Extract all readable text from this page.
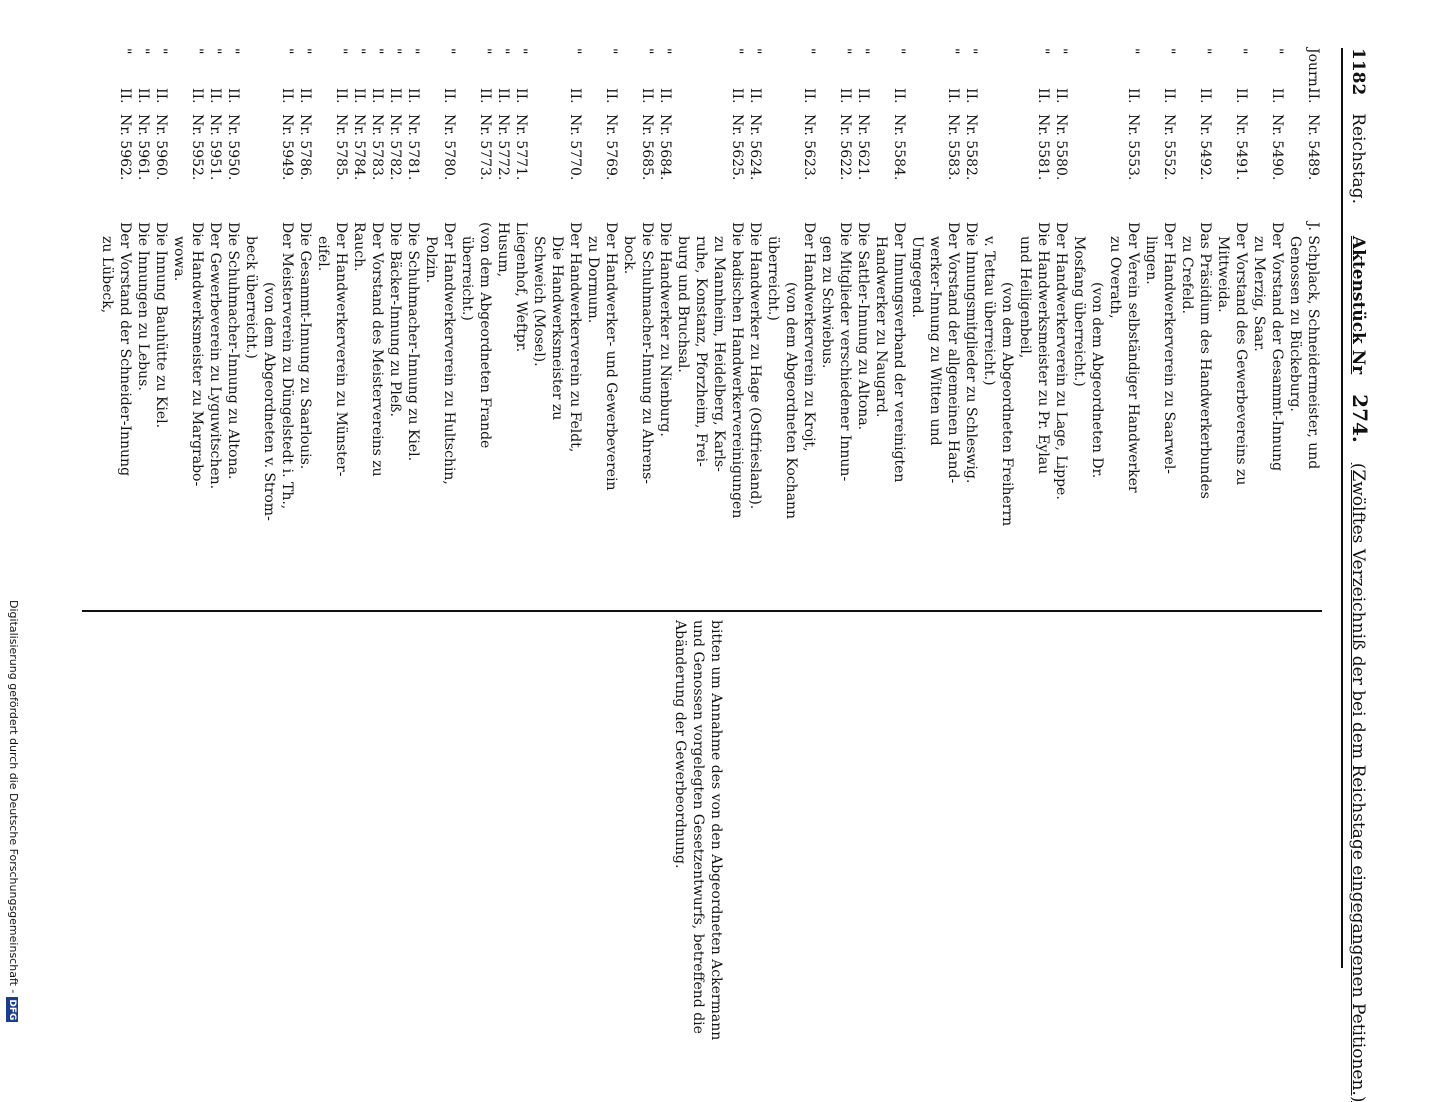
1182 Reichstag. Aktenstück Nr 274. (Zwölftes Verzeichniß der bei dem Reichstage eingegangenen Petitionen.)
Journ.
II.
Nr. 5489.
J. Schplack, Schneidermeister, und
Genossen zu Bückeburg.
"
II.
Nr. 5490.
Der Vorstand der Gesammt-Innung
zu Merzig, Saar.
"
II.
Nr. 5491.
Der Vorstand des Gewerbevereins zu
Mittweida.
"
II.
Nr. 5492.
Das Präsidium des Handwerkerbundes
zu Crefeld.
"
II.
Nr. 5552.
Der Handwerkerverein zu Saarwel-
lingen.
"
II.
Nr. 5553.
Der Verein selbständiger Handwerker
zu Overath,
(von dem Abgeordneten Dr.
Mosfang überreicht.)
"
II.
Nr. 5580.
Der Handwerkerverein zu Lage, Lippe.
"
II.
Nr. 5581.
Die Handwerksmeister zu Pr. Eylau
und Heiligenbeil,
(von dem Abgeordneten Freiherrn
v. Tettau überreicht.)
"
II.
Nr. 5582.
Die Innungsmitglieder zu Schleswig.
"
II.
Nr. 5583.
Der Vorstand der allgemeinen Hand-
werker-Innung zu Witten und
Umgegend.
"
II.
Nr. 5584.
Der Innungsverband der vereinigten
Handwerker zu Naugard.
"
II.
Nr. 5621.
Die Sattler-Innung zu Altona.
"
II.
Nr. 5622.
Die Mitglieder verschiedener Innun-
gen zu Schwiebus.
"
II.
Nr. 5623.
Der Handwerkerverein zu Krojt,
(von dem Abgeordneten Kochann
überreicht.)
"
II.
Nr. 5624.
Die Handwerker zu Hage (Ostfriesland).
"
II.
Nr. 5625.
Die badischen Handwerkervereinigungen
zu Mannheim, Heidelberg, Karls-
ruhe, Konstanz, Pforzheim, Frei-
burg und Bruchsal.
"
II.
Nr. 5684.
Die Handwerker zu Nienburg.
"
II.
Nr. 5685.
Die Schuhmacher-Innung zu Ahrens-
bock.
"
II.
Nr. 5769.
Der Handwerker- und Gewerbeverein
zu Dormum.
"
II.
Nr. 5770.
Der Handwerkerverein zu Feldt,
Die Handwerksmeister zu
Schweich (Mosel).
"
II.
Nr. 5771.
Liegenhof, Weftpr.
"
II.
Nr. 5772.
Husum,
"
II.
Nr. 5773.
(von dem Abgeordneten Frande
überreicht.)
"
II.
Nr. 5780.
Der Handwerkerverein zu Hultschin,
Polzin.
"
II.
Nr. 5781.
Die Schuhmacher-Innung zu Kiel.
"
II.
Nr. 5782.
Die Bäcker-Innung zu Pleß.
"
II.
Nr. 5783.
Der Vorstand des Meistervereins zu
"
II.
Nr. 5784.
Rauch.
"
II.
Nr. 5785.
Der Handwerkerverein zu Münster-
eifel.
"
II.
Nr. 5786.
Die Gesammt-Innung zu Saarlouis.
"
II.
Nr. 5949.
Der Meisterverein zu Düngelstedt i. Th.,
(von dem Abgeordneten v. Strom-
beck überreicht.)
"
II.
Nr. 5950.
Die Schuhmacher-Innung zu Altona.
"
II.
Nr. 5951.
Der Gewerbeverein zu Lyguwitschen.
"
II.
Nr. 5952.
Die Handwerksmeister zu Margrabo-
wowa.
"
II.
Nr. 5960.
Die Innung Bauhütte zu Kiel.
"
II.
Nr. 5961.
Die Innungen zu Lebus.
"
II.
Nr. 5962.
Der Vorstand der Schneider-Innung
zu Lübeck,
bitten um Annahme des von den Abgeordneten Ackermann
und Genossen vorgelegten Gesetzentwurfs, betreffend die
Abänderung der Gewerbeordnung.
Digitalisierung gefördert durch die Deutsche Forschungsgemeinschaft -DFG
